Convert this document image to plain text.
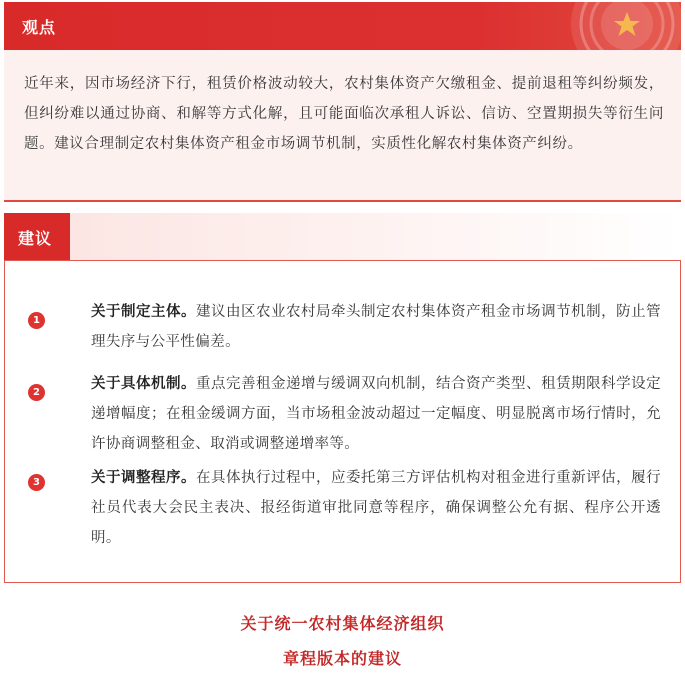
观点
近年来，因市场经济下行，租赁价格波动较大，农村集体资产欠缴租金、提前退租等纠纷频发，但纠纷难以通过协商、和解等方式化解，且可能面临次承租人诉讼、信访、空置期损失等衍生问题。建议合理制定农村集体资产租金市场调节机制，实质性化解农村集体资产纠纷。
建议
1
关于制定主体。建议由区农业农村局牵头制定农村集体资产租金市场调节机制，防止管理失序与公平性偏差。
2
关于具体机制。重点完善租金递增与缓调双向机制，结合资产类型、租赁期限科学设定递增幅度；在租金缓调方面，当市场租金波动超过一定幅度、明显脱离市场行情时，允许协商调整租金、取消或调整递增率等。
3	关于调整程序。在具体执行过程中，应委托第三方评估机构对租金进行重新评估，履行社员代表大会民主表决、报经街道审批同意等程序，确保调整公允有据、程序公开透明。
关于统一农村集体经济组织
章程版本的建议
